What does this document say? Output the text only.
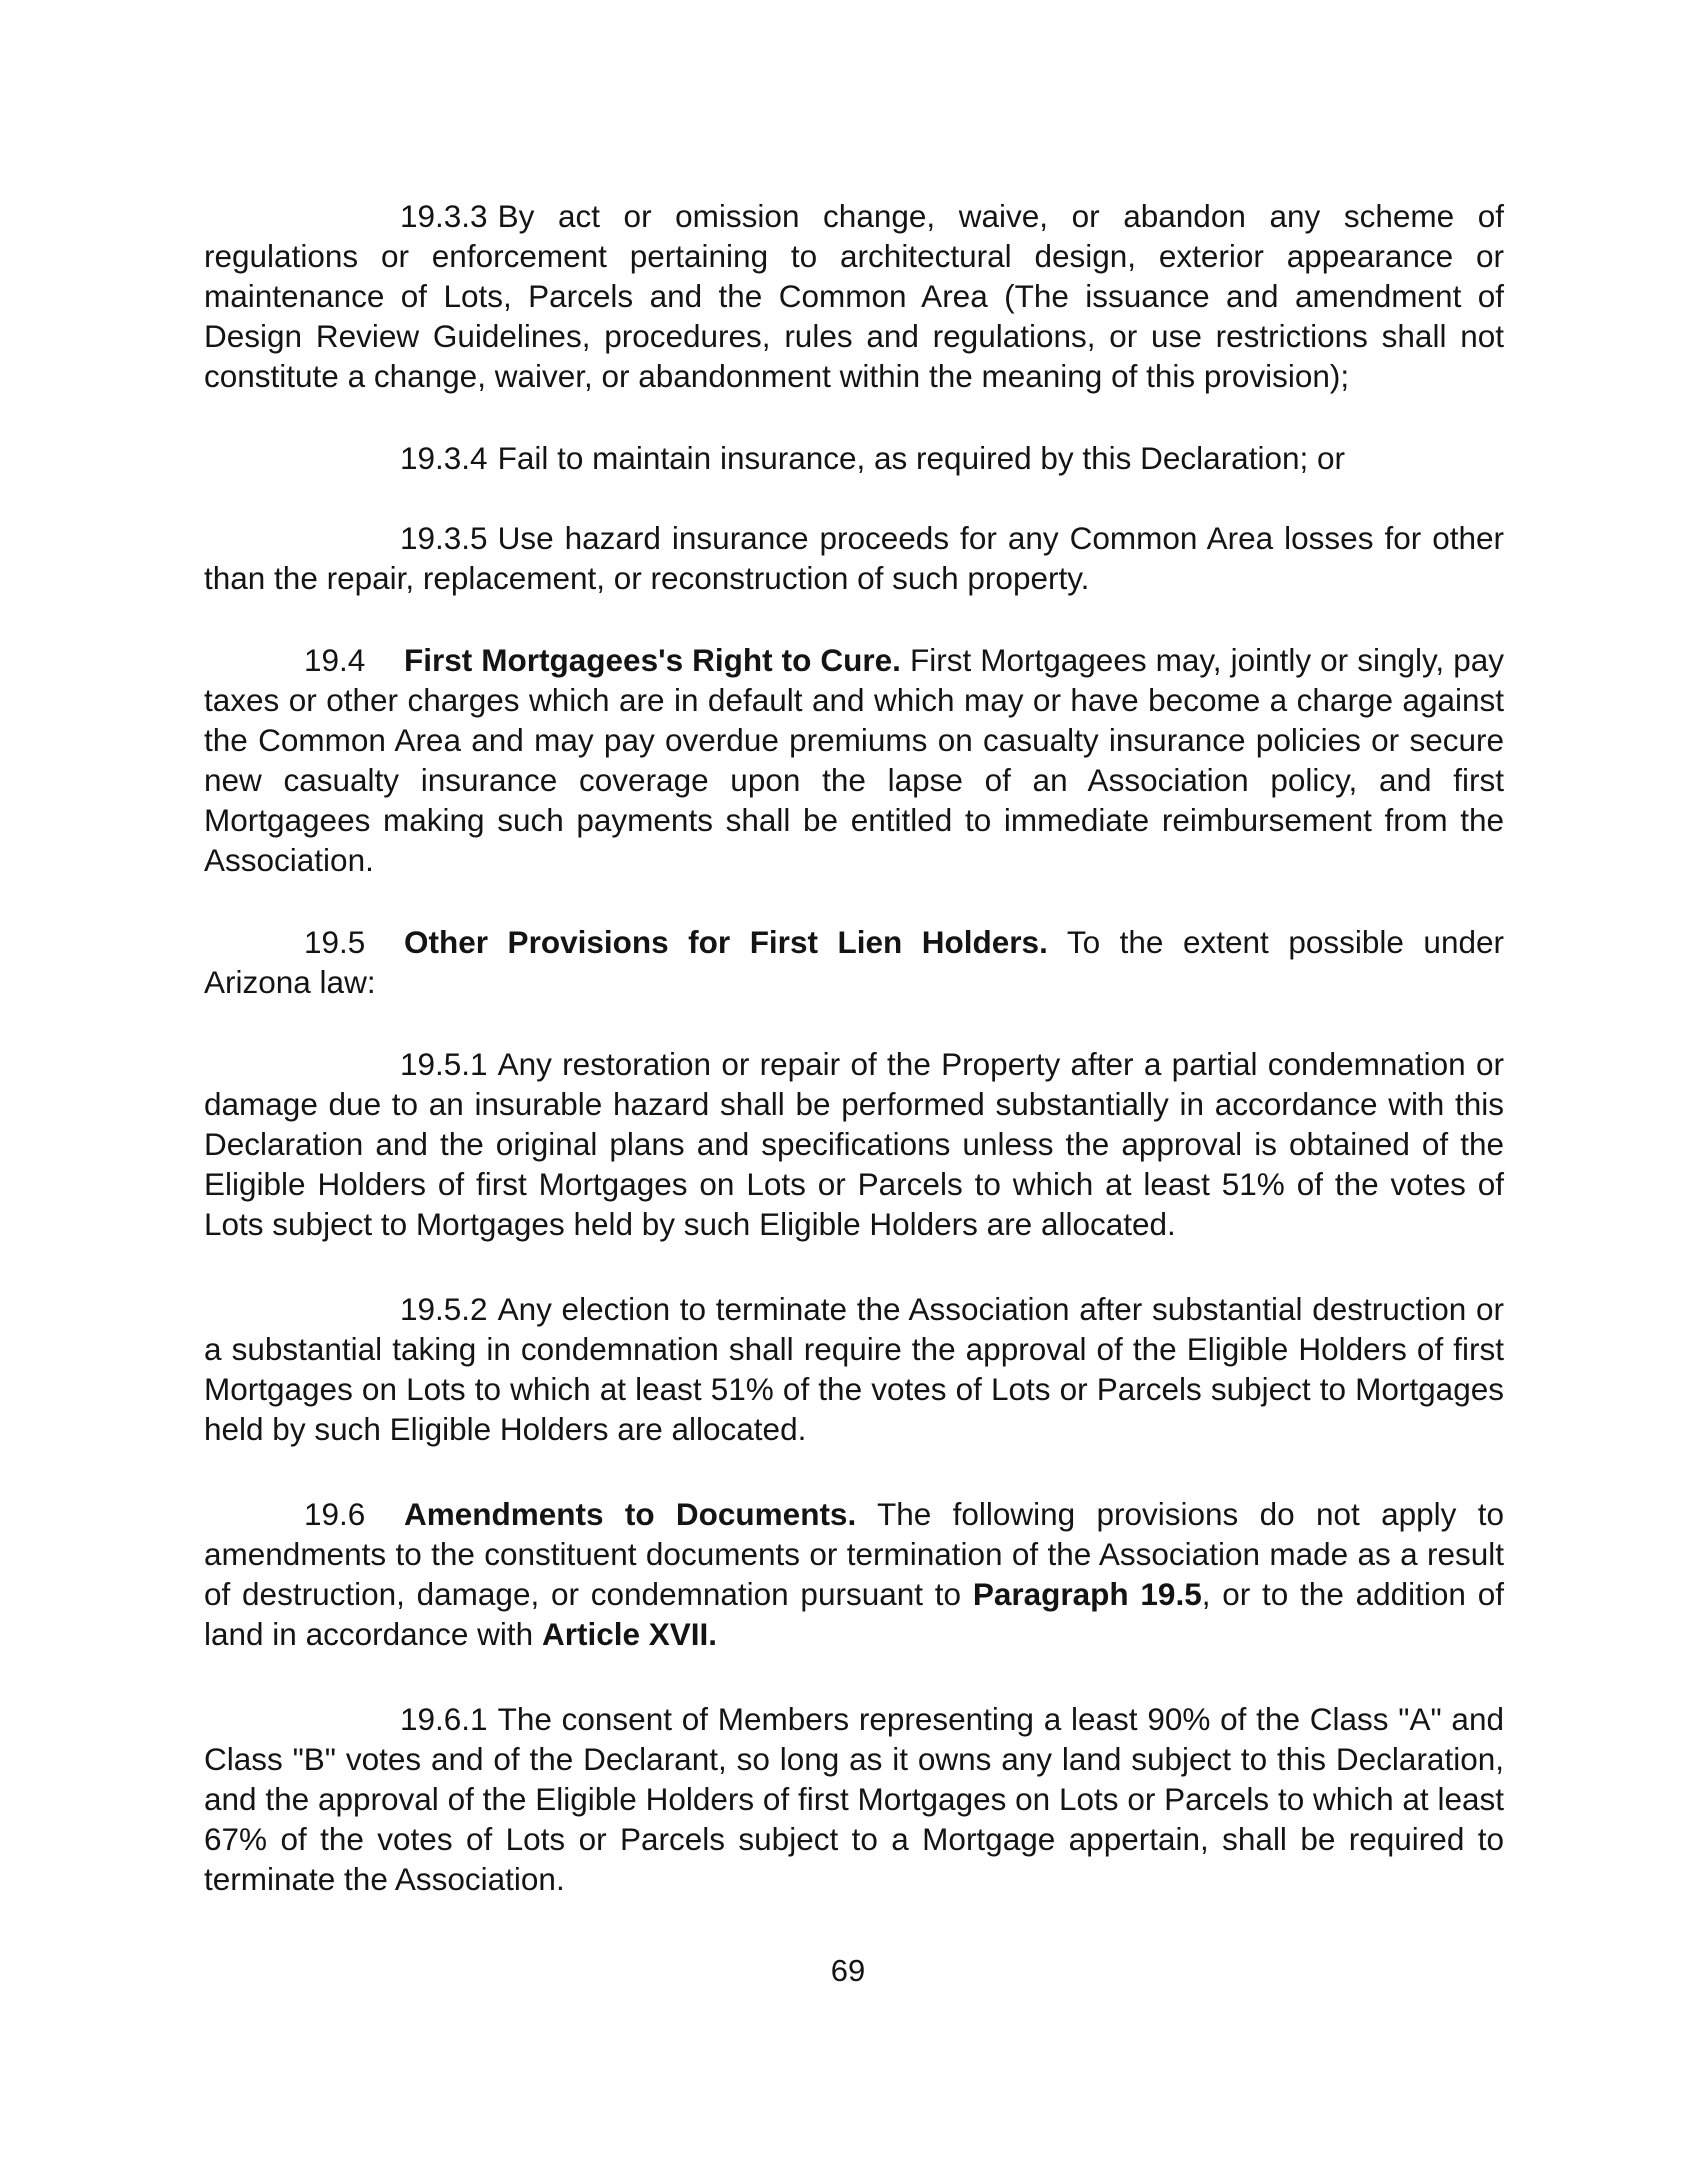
19.3.3 By act or omission change, waive, or abandon any scheme of regulations or enforcement pertaining to architectural design, exterior appearance or maintenance of Lots, Parcels and the Common Area (The issuance and amendment of Design Review Guidelines, procedures, rules and regulations, or use restrictions shall not constitute a change, waiver, or abandonment within the meaning of this provision);

19.3.4 Fail to maintain insurance, as required by this Declaration; or

19.3.5 Use hazard insurance proceeds for any Common Area losses for other than the repair, replacement, or reconstruction of such property.

19.4 First Mortgagees's Right to Cure. First Mortgagees may, jointly or singly, pay taxes or other charges which are in default and which may or have become a charge against the Common Area and may pay overdue premiums on casualty insurance policies or secure new casualty insurance coverage upon the lapse of an Association policy, and first Mortgagees making such payments shall be entitled to immediate reimbursement from the Association.

19.5 Other Provisions for First Lien Holders. To the extent possible under Arizona law:

19.5.1 Any restoration or repair of the Property after a partial condemnation or damage due to an insurable hazard shall be performed substantially in accordance with this Declaration and the original plans and specifications unless the approval is obtained of the Eligible Holders of first Mortgages on Lots or Parcels to which at least 51% of the votes of Lots subject to Mortgages held by such Eligible Holders are allocated.

19.5.2 Any election to terminate the Association after substantial destruction or a substantial taking in condemnation shall require the approval of the Eligible Holders of first Mortgages on Lots to which at least 51% of the votes of Lots or Parcels subject to Mortgages held by such Eligible Holders are allocated.

19.6 Amendments to Documents. The following provisions do not apply to amendments to the constituent documents or termination of the Association made as a result of destruction, damage, or condemnation pursuant to Paragraph 19.5, or to the addition of land in accordance with Article XVII.

19.6.1 The consent of Members representing a least 90% of the Class "A" and Class "B" votes and of the Declarant, so long as it owns any land subject to this Declaration, and the approval of the Eligible Holders of first Mortgages on Lots or Parcels to which at least 67% of the votes of Lots or Parcels subject to a Mortgage appertain, shall be required to terminate the Association.

69
